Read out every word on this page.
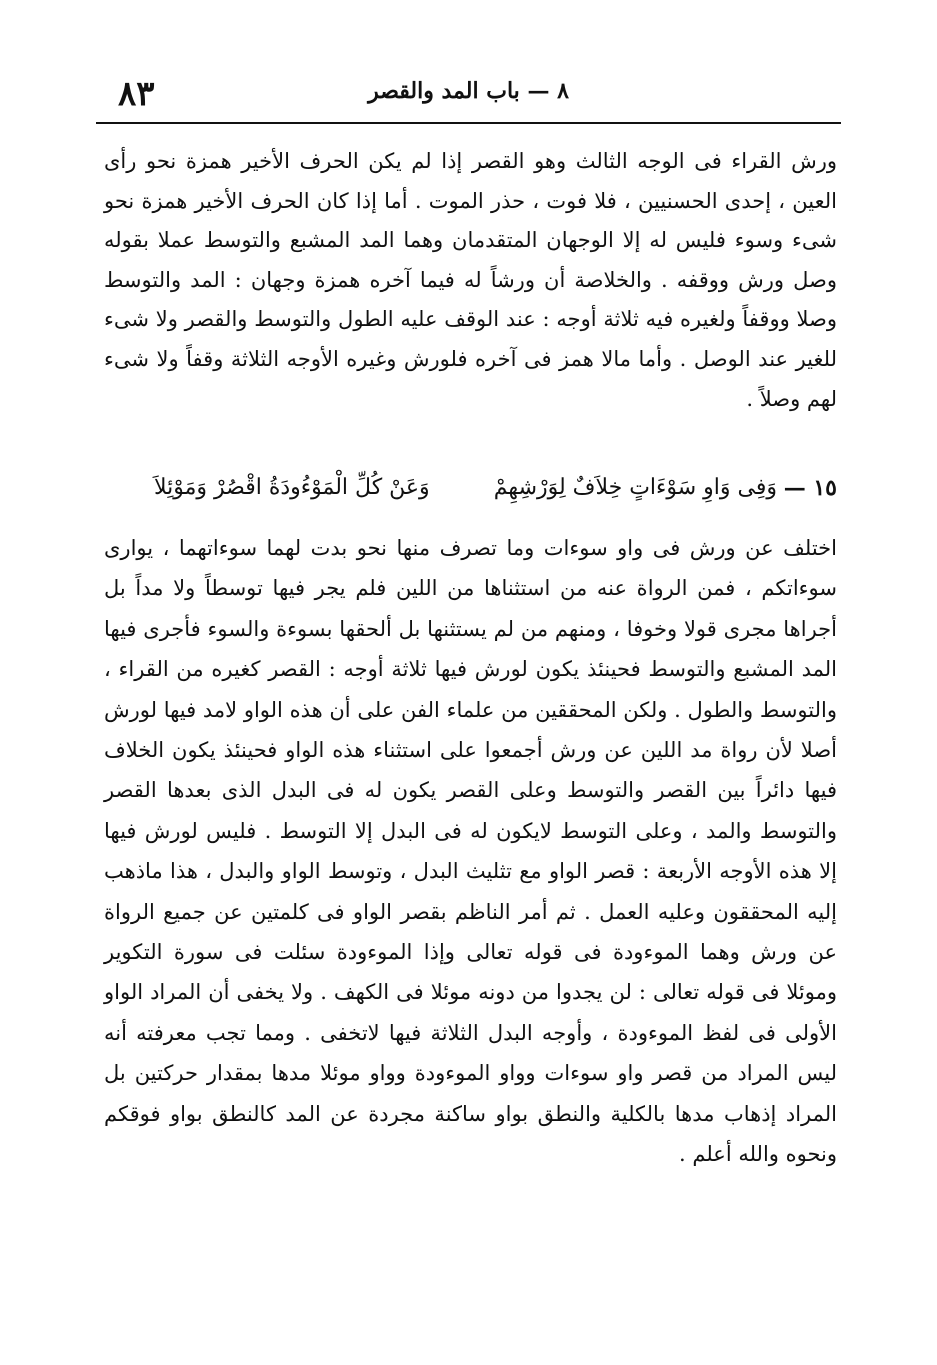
٨٣	٨ — باب المد والقصر
ورش القراء فى الوجه الثالث وهو القصر إذا لم يكن الحرف الأخير همزة نحو رأى العين ، إحدى الحسنيين ، فلا فوت ، حذر الموت . أما إذا كان الحرف الأخير همزة نحو شىء وسوء فليس له إلا الوجهان المتقدمان وهما المد المشبع والتوسط عملا بقوله وصل ورش ووقفه . والخلاصة أن ورشاً له فيما آخره همزة وجهان : المد والتوسط وصلا ووقفاً ولغيره فيه ثلاثة أوجه : عند الوقف عليه الطول والتوسط والقصر ولا شىء للغير عند الوصل . وأما مالا همز فى آخره فلورش وغيره الأوجه الثلاثة وقفاً ولا شىء لهم وصلاً .
١٥ —
وَفِى وَاوِ سَوْءَاتٍ خِلاَفٌ لِوَرْشِهِمْ
وَعَنْ كُلِّ الْمَوْءُودَةُ اقْصُرْ وَمَوْئِلاَ
اختلف عن ورش فى واو سوءات وما تصرف منها نحو بدت لهما سوءاتهما ، يوارى سوءاتكم ، فمن الرواة عنه من استثناها من اللين فلم يجر فيها توسطاً ولا مداً بل أجراها مجرى قولا وخوفا ، ومنهم من لم يستثنها بل ألحقها بسوءة والسوء فأجرى فيها المد المشبع والتوسط فحينئذ يكون لورش فيها ثلاثة أوجه : القصر كغيره من القراء ، والتوسط والطول . ولكن المحققين من علماء الفن على أن هذه الواو لامد فيها لورش أصلا لأن رواة مد اللين عن ورش أجمعوا على استثناء هذه الواو فحينئذ يكون الخلاف فيها دائراً بين القصر والتوسط وعلى القصر يكون له فى البدل الذى بعدها القصر والتوسط والمد ، وعلى التوسط لايكون له فى البدل إلا التوسط . فليس لورش فيها إلا هذه الأوجه الأربعة : قصر الواو مع تثليث البدل ، وتوسط الواو والبدل ، هذا ماذهب إليه المحققون وعليه العمل . ثم أمر الناظم بقصر الواو فى كلمتين عن جميع الرواة عن ورش وهما الموءودة فى قوله تعالى وإذا الموءودة سئلت فى سورة التكوير وموئلا فى قوله تعالى : لن يجدوا من دونه موئلا فى الكهف . ولا يخفى أن المراد الواو الأولى فى لفظ الموءودة ، وأوجه البدل الثلاثة فيها لاتخفى . ومما تجب معرفته أنه ليس المراد من قصر واو سوءات وواو الموءودة وواو موئلا مدها بمقدار حركتين بل المراد إذهاب مدها بالكلية والنطق بواو ساكنة مجردة عن المد كالنطق بواو فوقكم ونحوه والله أعلم .
